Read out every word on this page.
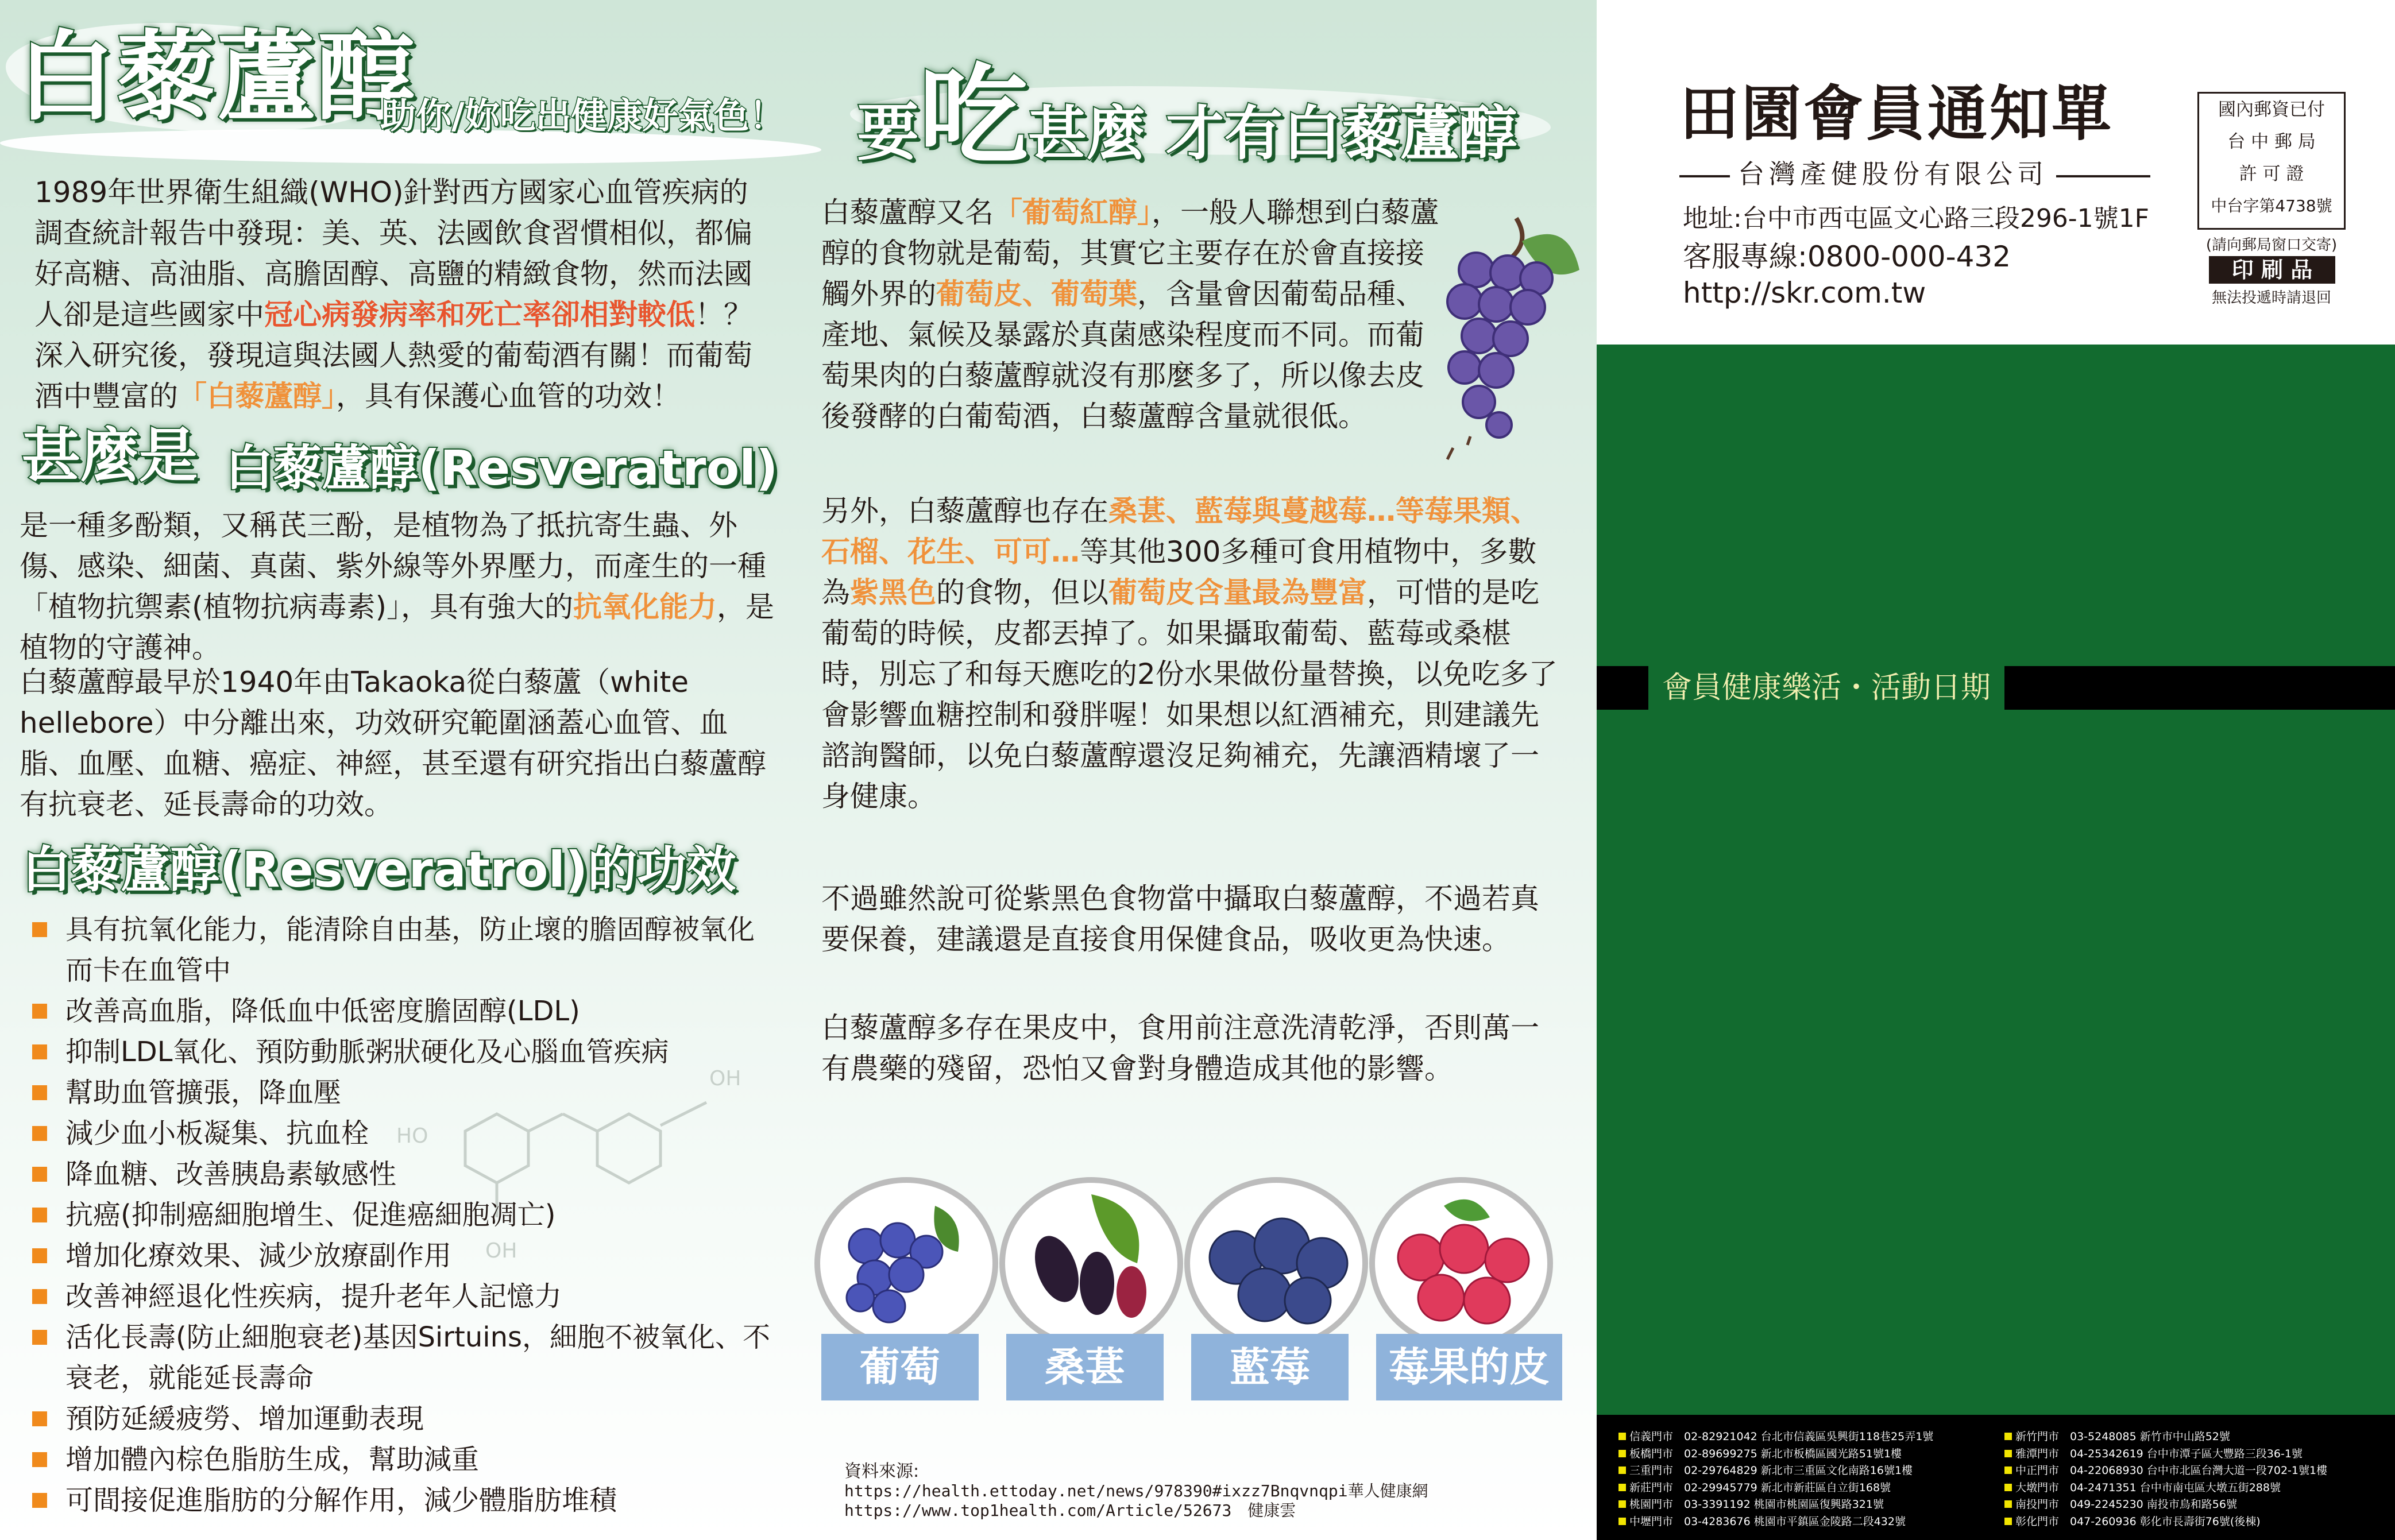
白藜蘆醇
助你/妳吃出健康好氣色！
1989年世界衛生組織(WHO)針對西方國家心血管疾病的調查統計報告中發現：美、英、法國飲食習慣相似，都偏好高糖、高油脂、高膽固醇、高鹽的精緻食物，然而法國人卻是這些國家中冠心病發病率和死亡率卻相對較低！？深入研究後，發現這與法國人熱愛的葡萄酒有關！而葡萄酒中豐富的「白藜蘆醇」，具有保護心血管的功效！
甚麼是 白藜蘆醇(Resveratrol)
是一種多酚類，又稱芪三酚，是植物為了抵抗寄生蟲、外傷、感染、細菌、真菌、紫外線等外界壓力，而產生的一種「植物抗禦素(植物抗病毒素)」，具有強大的抗氧化能力，是植物的守護神。
白藜蘆醇最早於1940年由Takaoka從白藜蘆（white hellebore）中分離出來，功效研究範圍涵蓋心血管、血脂、血壓、血糖、癌症、神經，甚至還有研究指出白藜蘆醇有抗衰老、延長壽命的功效。
白藜蘆醇(Resveratrol)的功效
OH
HO
OH
具有抗氧化能力，能清除自由基，防止壞的膽固醇被氧化而卡在血管中
改善高血脂，降低血中低密度膽固醇(LDL)
抑制LDL氧化、預防動脈粥狀硬化及心腦血管疾病
幫助血管擴張，降血壓
減少血小板凝集、抗血栓
降血糖、改善胰島素敏感性
抗癌(抑制癌細胞增生、促進癌細胞凋亡)
增加化療效果、減少放療副作用
改善神經退化性疾病，提升老年人記憶力
活化長壽(防止細胞衰老)基因Sirtuins，細胞不被氧化、不衰老，就能延長壽命
預防延緩疲勞、增加運動表現
增加體內棕色脂肪生成，幫助減重
可間接促進脂肪的分解作用，減少體脂肪堆積
要吃甚麼 才有白藜蘆醇
白藜蘆醇又名「葡萄紅醇」，一般人聯想到白藜蘆醇的食物就是葡萄，其實它主要存在於會直接接觸外界的葡萄皮、葡萄葉，含量會因葡萄品種、產地、氣候及暴露於真菌感染程度而不同。而葡萄果肉的白藜蘆醇就沒有那麼多了，所以像去皮後發酵的白葡萄酒，白藜蘆醇含量就很低。
另外，白藜蘆醇也存在桑葚、藍莓與蔓越莓…等莓果類、石榴、花生、可可…等其他300多種可食用植物中，多數為紫黑色的食物，但以葡萄皮含量最為豐富，可惜的是吃葡萄的時候，皮都丟掉了。如果攝取葡萄、藍莓或桑椹時，別忘了和每天應吃的2份水果做份量替換，以免吃多了會影響血糖控制和發胖喔！如果想以紅酒補充，則建議先諮詢醫師，以免白藜蘆醇還沒足夠補充，先讓酒精壞了一身健康。
不過雖然說可從紫黑色食物當中攝取白藜蘆醇，不過若真要保養，建議還是直接食用保健食品，吸收更為快速。
白藜蘆醇多存在果皮中，食用前注意洗清乾淨，否則萬一有農藥的殘留，恐怕又會對身體造成其他的影響。
葡萄	桑葚	藍莓	莓果的皮
資料來源:
https://health.ettoday.net/news/978390#ixzz7Bnqvnqpi華人健康網
https://www.top1health.com/Article/52673　健康雲
田園會員通知單
台灣產健股份有限公司
地址:台中市西屯區文心路三段296-1號1F
客服專線:0800-000-432
http://skr.com.tw
國內郵資已付
台 中 郵 局
許 可 證
中台字第4738號
(請向郵局窗口交寄)
印 刷 品
無法投遞時請退回
會員健康樂活・活動日期
信義門市　02-82921042 台北市信義區吳興街118巷25弄1號
板橋門市　02-89699275 新北市板橋區國光路51號1樓
三重門市　02-29764829 新北市三重區文化南路16號1樓
新莊門市　02-29945779 新北市新莊區自立街168號
桃園門市　03-3391192 桃園市桃園區復興路321號
中壢門市　03-4283676 桃園市平鎮區金陵路二段432號
新竹門市　03-5248085 新竹市中山路52號
雅潭門市　04-25342619 台中市潭子區大豐路三段36-1號
中正門市　04-22068930 台中市北區台灣大道一段702-1號1樓
大墩門市　04-2471351 台中市南屯區大墩五街288號
南投門市　049-2245230 南投市鳥和路56號
彰化門市　047-260936 彰化市長壽街76號(後棟)
